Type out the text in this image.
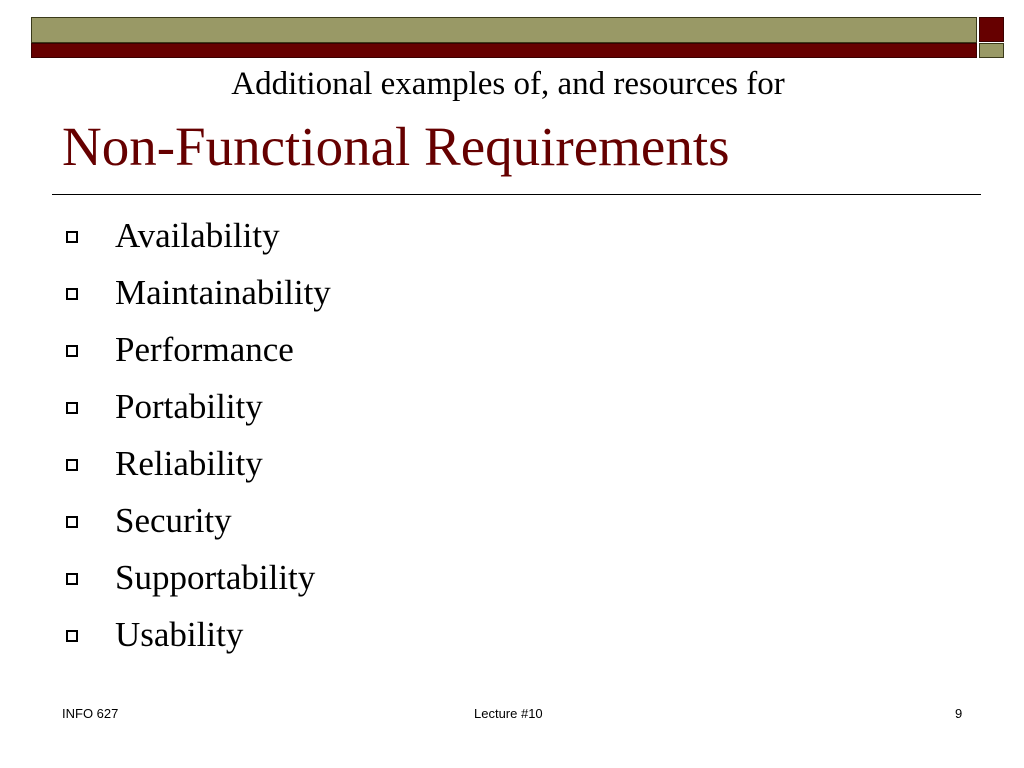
Additional examples of, and resources for
Non-Functional Requirements
Availability
Maintainability
Performance
Portability
Reliability
Security
Supportability
Usability
INFO 627	Lecture #10	9
